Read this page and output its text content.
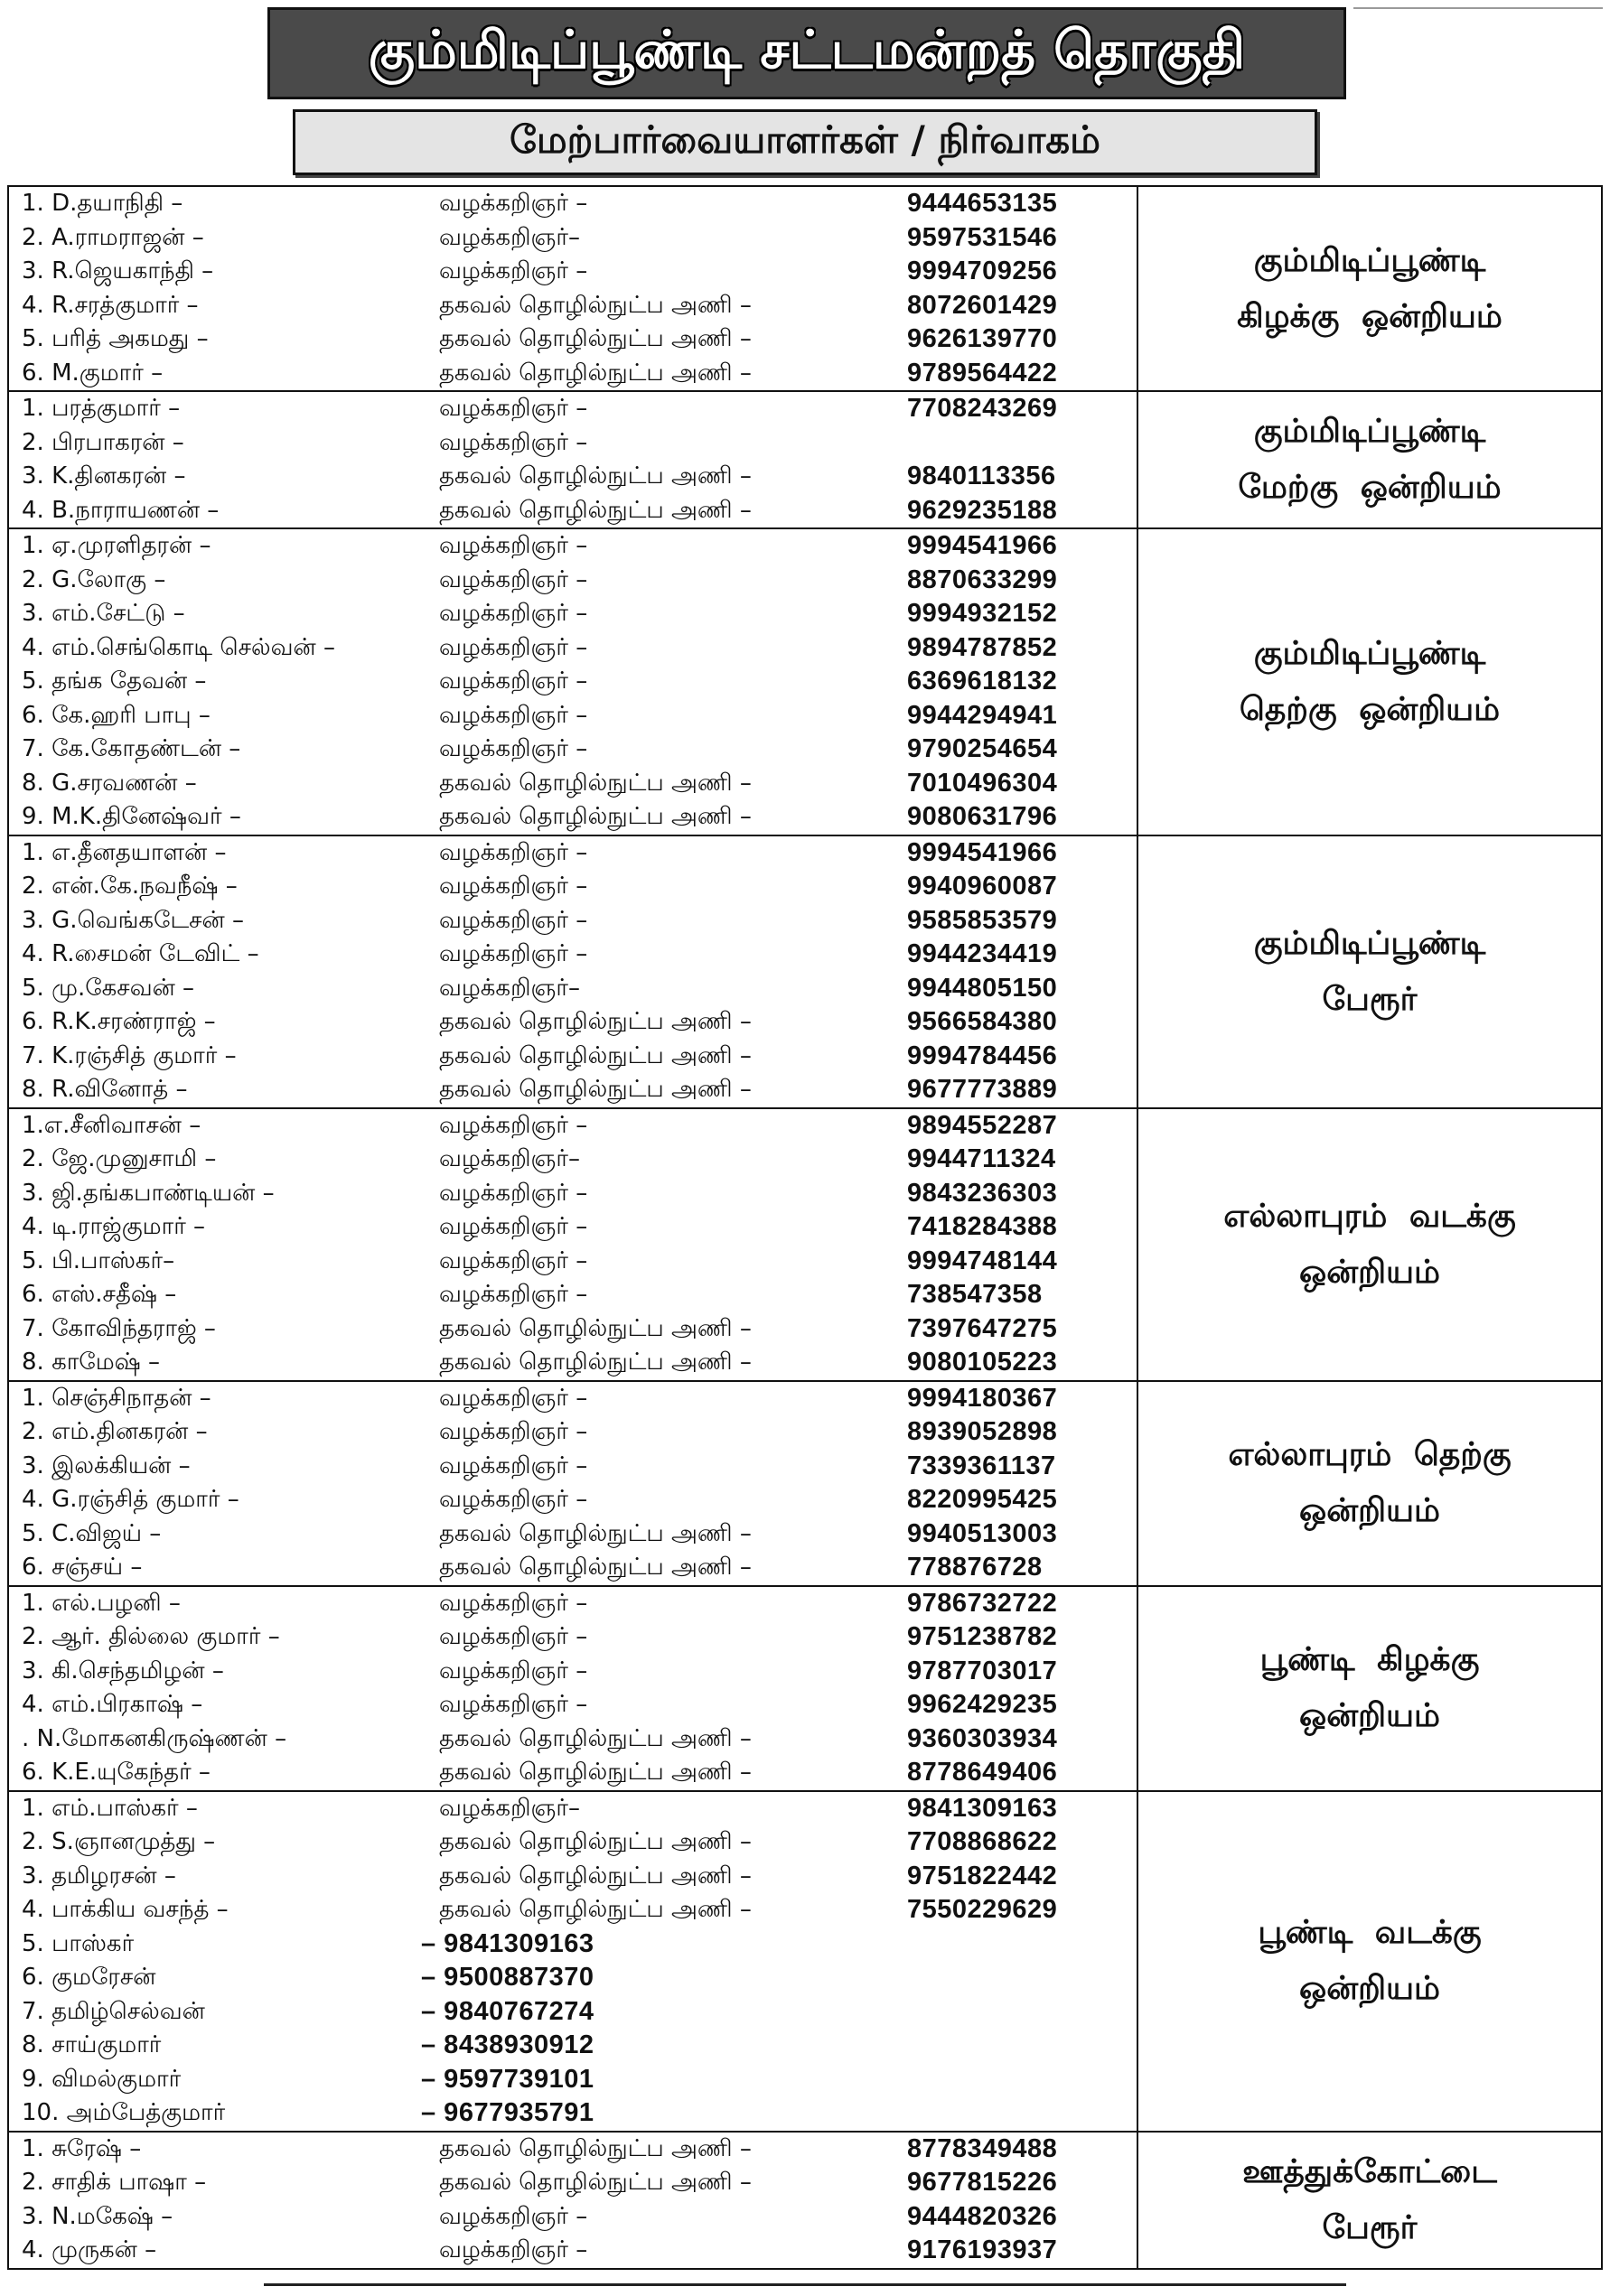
கும்மிடிப்பூண்டி சட்டமன்றத் தொகுதி
மேற்பார்வையாளர்கள் / நிர்வாகம்
1. D.தயாநிதி –	வழக்கறிஞர் –	9444653135
2. A.ராமராஜன் –	வழக்கறிஞர்–	9597531546
3. R.ஜெயகாந்தி –	வழக்கறிஞர் –	9994709256
4. R.சரத்குமார் –	தகவல் தொழில்நுட்ப அணி –	8072601429
5. பரித் அகமது –	தகவல் தொழில்நுட்ப அணி –	9626139770
6. M.குமார் –	தகவல் தொழில்நுட்ப அணி –	9789564422
கும்மிடிப்பூண்டி
கிழக்கு ஒன்றியம்
1. பரத்குமார் –	வழக்கறிஞர் –	7708243269
2. பிரபாகரன் –	வழக்கறிஞர் –
3. K.தினகரன் –	தகவல் தொழில்நுட்ப அணி –	9840113356
4. B.நாராயணன் –	தகவல் தொழில்நுட்ப அணி –	9629235188
கும்மிடிப்பூண்டி
மேற்கு ஒன்றியம்
1. ஏ.முரளிதரன் –	வழக்கறிஞர் –	9994541966
2. G.லோகு –	வழக்கறிஞர் –	8870633299
3. எம்.சேட்டு –	வழக்கறிஞர் –	9994932152
4. எம்.செங்கொடி செல்வன் –	வழக்கறிஞர் –	9894787852
5. தங்க தேவன் –	வழக்கறிஞர் –	6369618132
6. கே.ஹரி பாபு –	வழக்கறிஞர் –	9944294941
7. கே.கோதண்டன் –	வழக்கறிஞர் –	9790254654
8. G.சரவணன் –	தகவல் தொழில்நுட்ப அணி –	7010496304
9. M.K.தினேஷ்வர் –	தகவல் தொழில்நுட்ப அணி –	9080631796
கும்மிடிப்பூண்டி
தெற்கு ஒன்றியம்
1. எ.தீனதயாளன் –	வழக்கறிஞர் –	9994541966
2. என்.கே.நவநீஷ் –	வழக்கறிஞர் –	9940960087
3. G.வெங்கடேசன் –	வழக்கறிஞர் –	9585853579
4. R.சைமன் டேவிட் –	வழக்கறிஞர் –	9944234419
5. மு.கேசவன் –	வழக்கறிஞர்–	9944805150
6. R.K.சரண்ராஜ் –	தகவல் தொழில்நுட்ப அணி –	9566584380
7. K.ரஞ்சித் குமார் –	தகவல் தொழில்நுட்ப அணி –	9994784456
8. R.வினோத் –	தகவல் தொழில்நுட்ப அணி –	9677773889
கும்மிடிப்பூண்டி
பேரூர்
1.எ.சீனிவாசன் –	வழக்கறிஞர் –	9894552287
2. ஜே.முனுசாமி –	வழக்கறிஞர்–	9944711324
3. ஜி.தங்கபாண்டியன் –	வழக்கறிஞர் –	9843236303
4. டி.ராஜ்குமார் –	வழக்கறிஞர் –	7418284388
5. பி.பாஸ்கர்–	வழக்கறிஞர் –	9994748144
6. எஸ்.சதீஷ் –	வழக்கறிஞர் –	738547358
7. கோவிந்தராஜ் –	தகவல் தொழில்நுட்ப அணி –	7397647275
8. காமேஷ் –	தகவல் தொழில்நுட்ப அணி –	9080105223
எல்லாபுரம் வடக்கு
ஒன்றியம்
1. செஞ்சிநாதன் –	வழக்கறிஞர் –	9994180367
2. எம்.தினகரன் –	வழக்கறிஞர் –	8939052898
3. இலக்கியன் –	வழக்கறிஞர் –	7339361137
4. G.ரஞ்சித் குமார் –	வழக்கறிஞர் –	8220995425
5. C.விஜய் –	தகவல் தொழில்நுட்ப அணி –	9940513003
6. சஞ்சய் –	தகவல் தொழில்நுட்ப அணி –	778876728
எல்லாபுரம் தெற்கு
ஒன்றியம்
1. எல்.பழனி –	வழக்கறிஞர் –	9786732722
2. ஆர். தில்லை குமார் –	வழக்கறிஞர் –	9751238782
3. கி.செந்தமிழன் –	வழக்கறிஞர் –	9787703017
4. எம்.பிரகாஷ் –	வழக்கறிஞர் –	9962429235
. N.மோகனகிருஷ்ணன் –	தகவல் தொழில்நுட்ப அணி –	9360303934
6. K.E.யுகேந்தர் –	தகவல் தொழில்நுட்ப அணி –	8778649406
பூண்டி கிழக்கு
ஒன்றியம்
1. எம்.பாஸ்கர் –	வழக்கறிஞர்–	9841309163
2. S.ஞானமுத்து –	தகவல் தொழில்நுட்ப அணி –	7708868622
3. தமிழரசன் –	தகவல் தொழில்நுட்ப அணி –	9751822442
4. பாக்கிய வசந்த் –	தகவல் தொழில்நுட்ப அணி –	7550229629
5. பாஸ்கர்	– 9841309163
6. குமரேசன்	– 9500887370
7. தமிழ்செல்வன்	– 9840767274
8. சாய்குமார்	– 8438930912
9. விமல்குமார்	– 9597739101
10. அம்பேத்குமார்	– 9677935791
பூண்டி வடக்கு
ஒன்றியம்
1. சுரேஷ் –	தகவல் தொழில்நுட்ப அணி –	8778349488
2. சாதிக் பாஷா –	தகவல் தொழில்நுட்ப அணி –	9677815226
3. N.மகேஷ் –	வழக்கறிஞர் –	9444820326
4. முருகன் –	வழக்கறிஞர் –	9176193937
ஊத்துக்கோட்டை
பேரூர்
